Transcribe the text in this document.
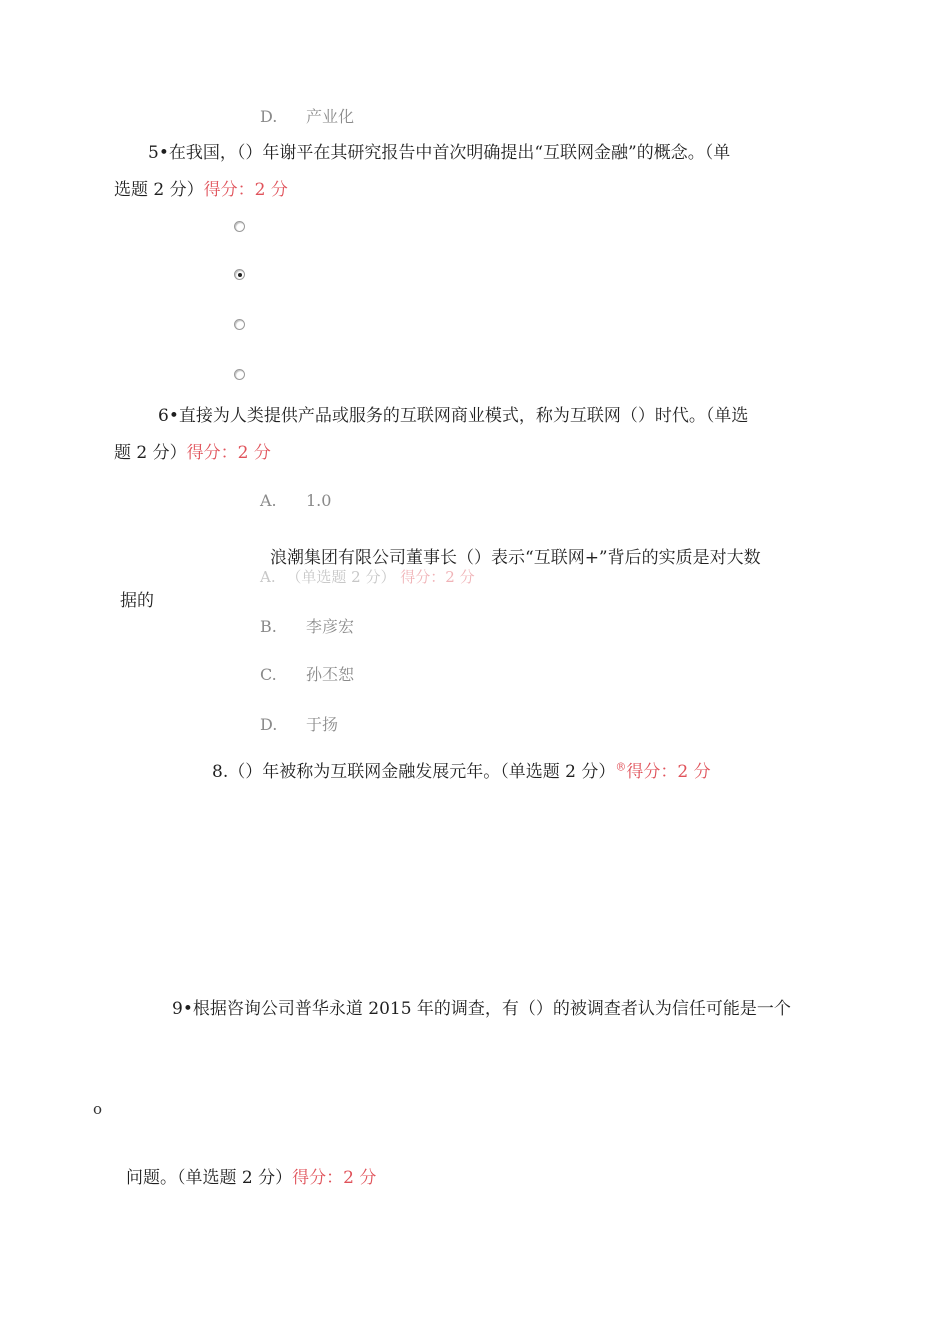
D. 产业化
5•在我国，（）年谢平在其研究报告中首次明确提出“互联网金融”的概念。（单
选题 2 分）得分：2 分
6•直接为人类提供产品或服务的互联网商业模式，称为互联网（）时代。（单选
题 2 分）得分：2 分
A. 1.0
浪潮集团有限公司董事长（）表示“互联网+”背后的实质是对大数
A. （单选题 2 分） 得分：2 分
据的
B. 李彦宏
C. 孙丕恕
D. 于扬
8.（）年被称为互联网金融发展元年。（单选题 2 分）®得分：2 分
9•根据咨询公司普华永道 2015 年的调查，有（）的被调查者认为信任可能是一个
o
问题。（单选题 2 分）得分：2 分
